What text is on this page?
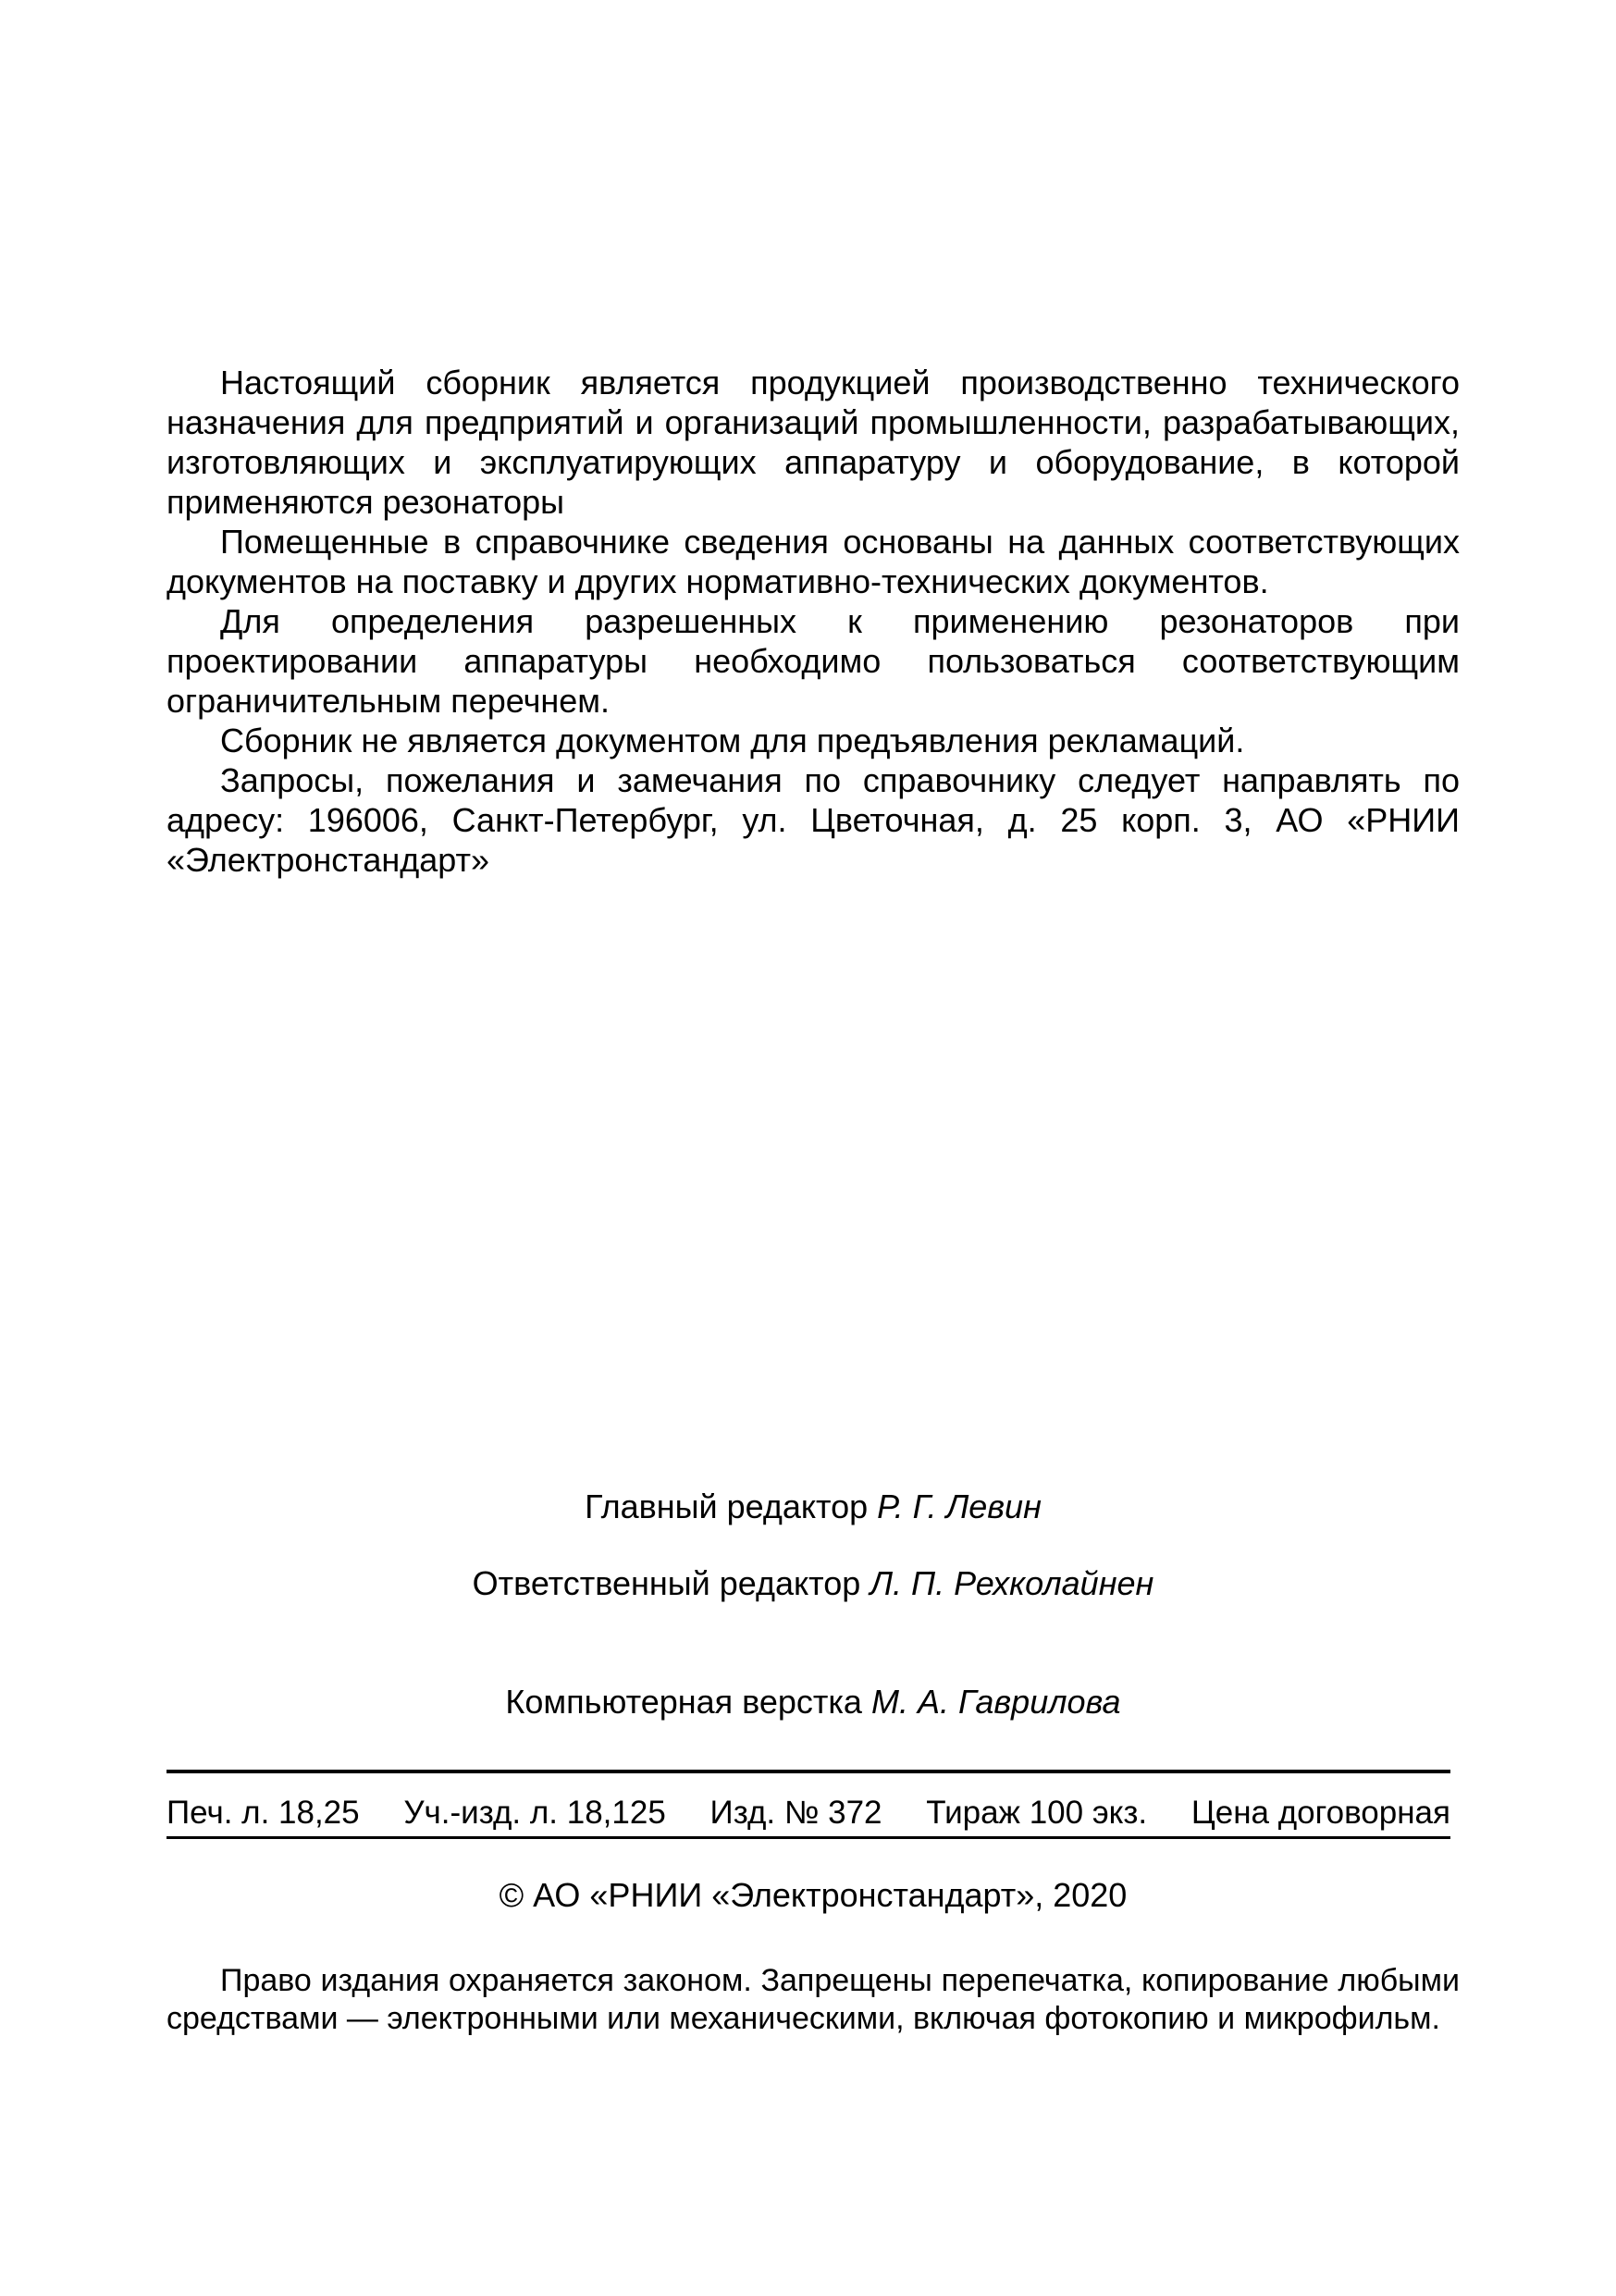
Настоящий сборник является продукцией производственно технического назначения для предприятий и организаций промышленности, разрабатывающих, изготовляющих и эксплуатирующих аппаратуру и оборудование, в которой применяются резонаторы

Помещенные в справочнике сведения основаны на данных соответствующих документов на поставку и других нормативно-технических документов.

Для определения разрешенных к применению резонаторов при проектировании аппаратуры необходимо пользоваться соответствующим ограничительным перечнем.

Сборник не является документом для предъявления рекламаций.

Запросы, пожелания и замечания по справочнику следует направлять по адресу: 196006, Санкт-Петербург, ул. Цветочная, д. 25 корп. 3, АО «РНИИ «Электронстандарт»

Главный редактор Р. Г. Левин
Ответственный редактор Л. П. Рехколайнен
Компьютерная верстка М. А. Гаврилова
Печ. л. 18,25 Уч.-изд. л. 18,125 Изд. № 372 Тираж 100 экз. Цена договорная
© АО «РНИИ «Электронстандарт», 2020

Право издания охраняется законом. Запрещены перепечатка, копирование любыми средствами — электронными или механическими, включая фотокопию и микрофильм.
